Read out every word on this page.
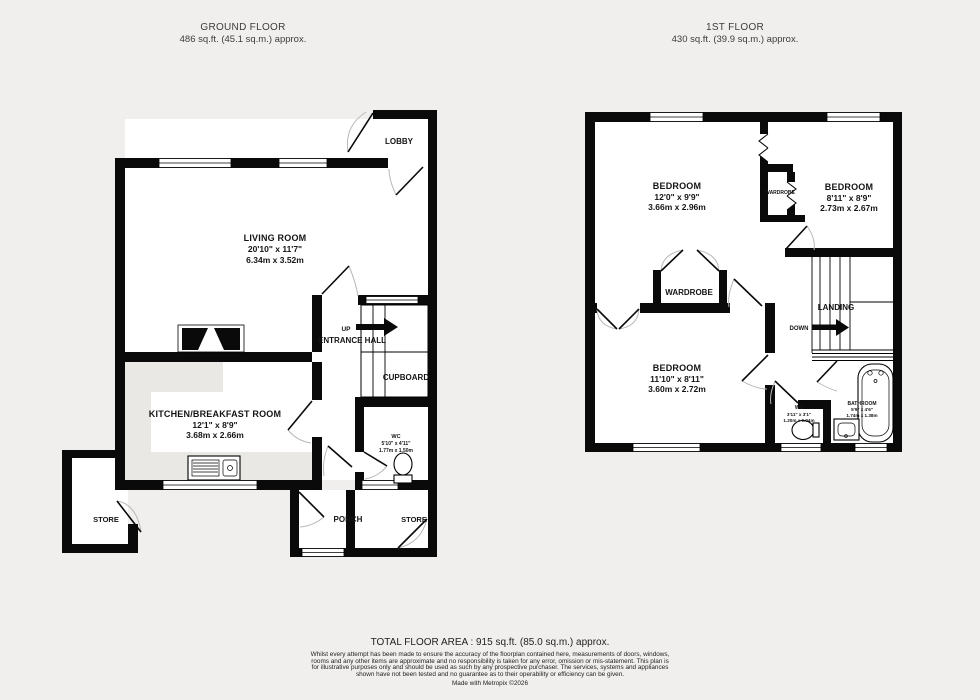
GROUND FLOOR
486 sq.ft. (45.1 sq.m.) approx.
1ST FLOOR
430 sq.ft. (39.9 sq.m.) approx.
LOBBY
LIVING ROOM
20'10" x 11'7"
6.34m x 3.52m
UP
ENTRANCE HALL
CUPBOARD
KITCHEN/BREAKFAST ROOM
12'1" x 8'9"
3.68m x 2.66m	WC
5'10" x 4'11"
1.77m x 1.50m
STORE	PORCH	STORE
BEDROOM
12'0" x 9'9"
3.66m x 2.96m
WARDROBE
BEDROOM
8'11" x 8'9"
2.73m x 2.67m
WARDROBE
LANDING
DOWN
BEDROOM
11'10" x 8'11"
3.60m x 2.72m
WC
3'11" x 3'1"
1.20m x 0.94m
BATHROOM
5'9" x 4'6"
1.74m x 1.38m
TOTAL FLOOR AREA : 915 sq.ft. (85.0 sq.m.) approx.
Whilst every attempt has been made to ensure the accuracy of the floorplan contained here, measurements of doors, windows, rooms and any other items are approximate and no responsibility is taken for any error, omission or mis-statement. This plan is for illustrative purposes only and should be used as such by any prospective purchaser. The services, systems and appliances shown have not been tested and no guarantee as to their operability or efficiency can be given.
Made with Metropix ©2026
